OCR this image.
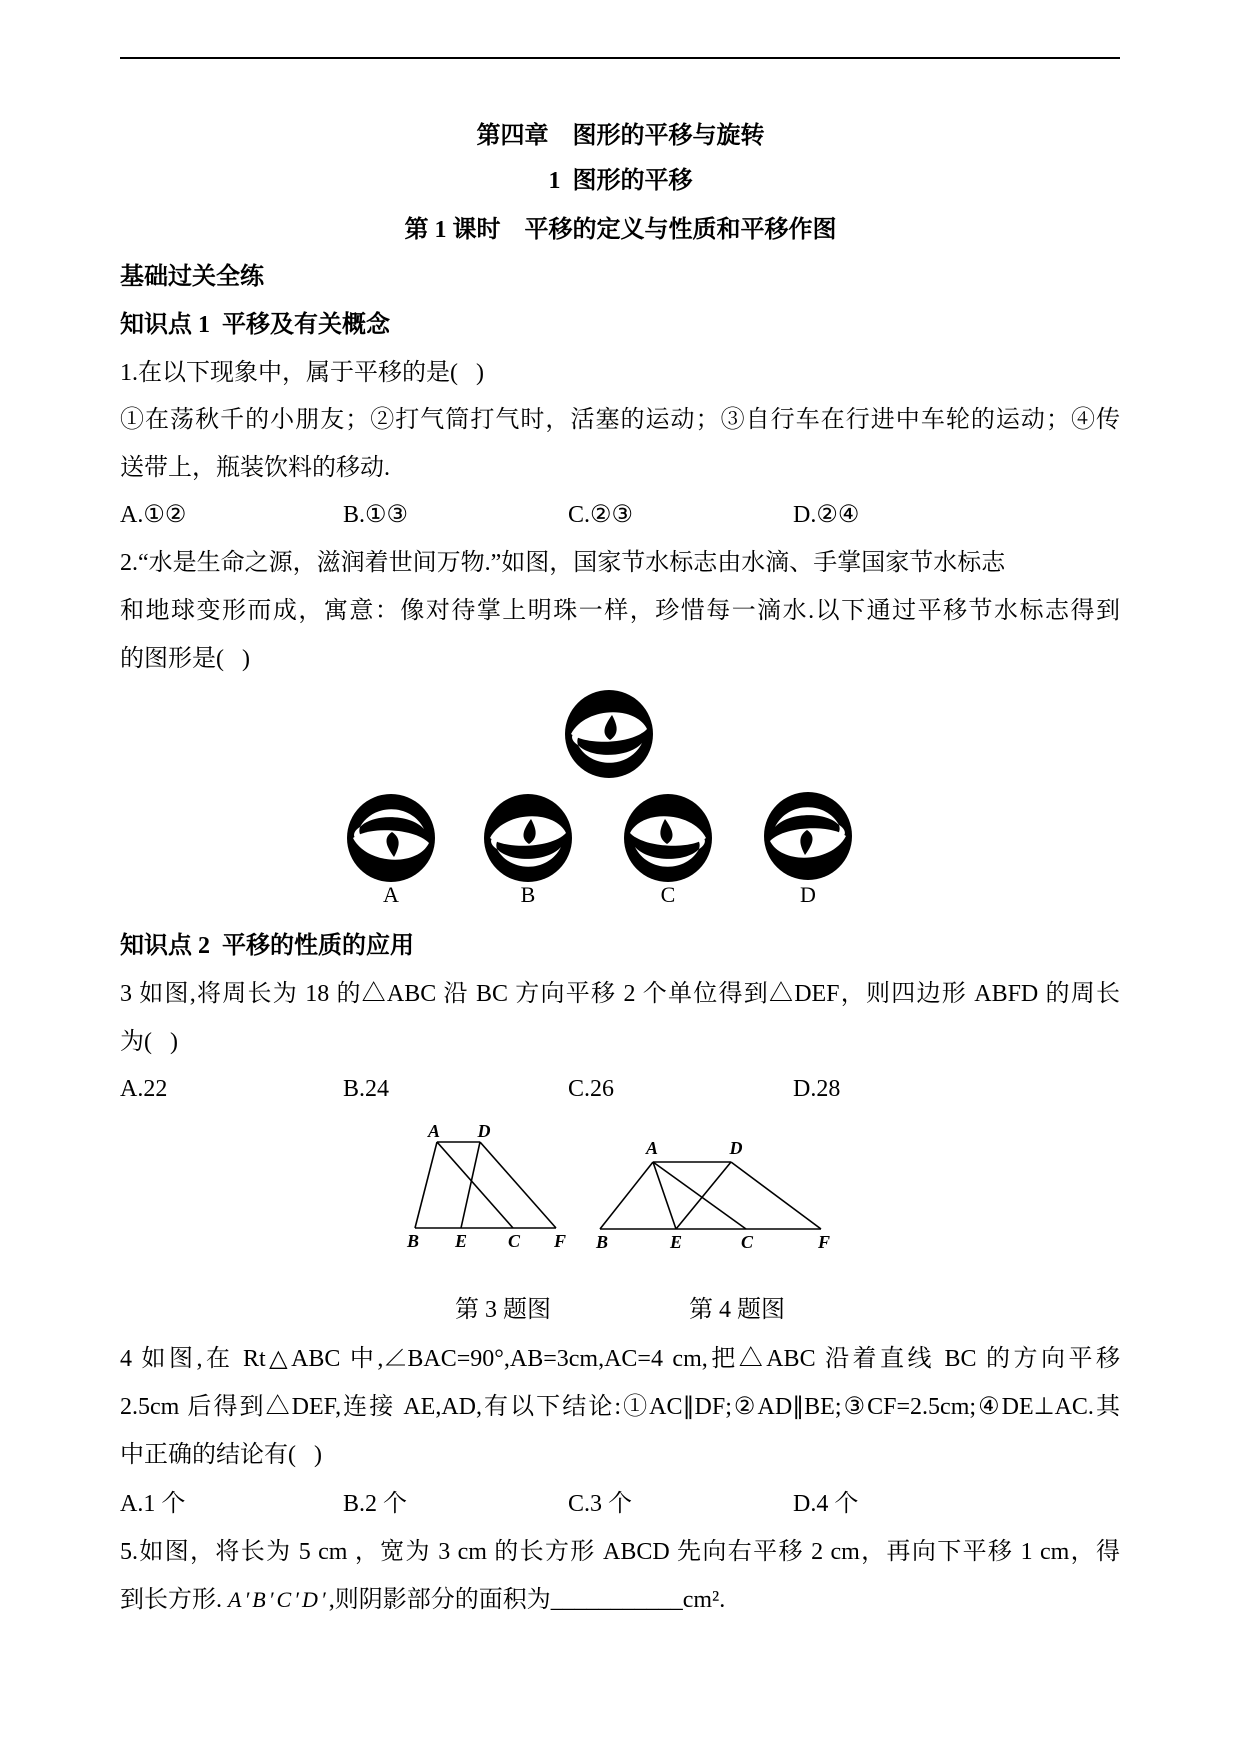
第四章　图形的平移与旋转
1  图形的平移
第 1 课时　平移的定义与性质和平移作图
基础过关全练
知识点 1  平移及有关概念
1.在以下现象中，属于平移的是(   )
①在荡秋千的小朋友；②打气筒打气时，活塞的运动；③自行车在行进中车轮的运动；④传
送带上，瓶装饮料的移动.
A.①②	B.①③	C.②③	D.②④
2.“水是生命之源，滋润着世间万物.”如图，国家节水标志由水滴、手掌国家节水标志
和地球变形而成，寓意：像对待掌上明珠一样，珍惜每一滴水.以下通过平移节水标志得到
的图形是(   )
A	B	C	D
知识点 2  平移的性质的应用
3 如图,将周长为 18 的△ABC 沿 BC 方向平移 2 个单位得到△DEF，则四边形 ABFD 的周长
为(   )
A.22	B.24	C.26	D.28
A D
B E C F
A	D
B	E	C	F
第 3 题图	第 4 题图
4 如图,在 Rt△ABC 中,∠BAC=90°,AB=3cm,AC=4 cm,把△ABC 沿着直线 BC 的方向平移
2.5cm 后得到△DEF,连接 AE,AD,有以下结论:①AC∥DF;②AD∥BE;③CF=2.5cm;④DE⊥AC.其
中正确的结论有(   )
A.1 个	B.2 个	C.3 个	D.4 个
5.如图，将长为 5 cm ，宽为 3 cm 的长方形 ABCD 先向右平移 2 cm，再向下平移 1 cm，得
到长方形. A′B′C′D′,则阴影部分的面积为___________cm².
